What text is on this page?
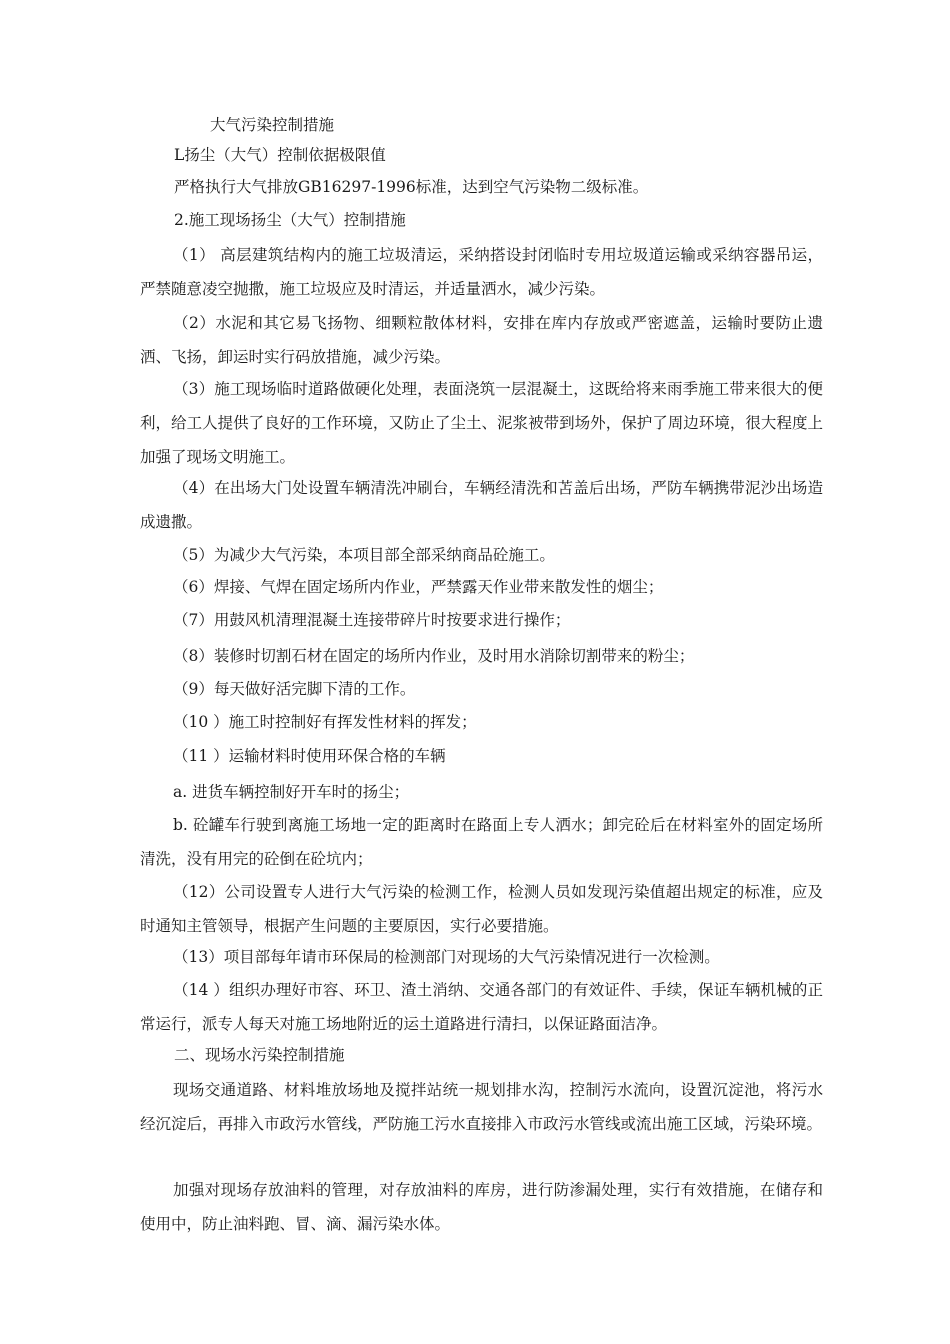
大气污染控制措施
L扬尘（大气）控制依据极限值
严格执行大气排放GB16297-1996标准，达到空气污染物二级标准。
2.施工现场扬尘（大气）控制措施
（1） 高层建筑结构内的施工垃圾清运，采纳搭设封闭临时专用垃圾道运输或采纳容器吊运，严禁随意凌空抛撒，施工垃圾应及时清运，并适量洒水，减少污染。
（2）水泥和其它易飞扬物、细颗粒散体材料，安排在库内存放或严密遮盖，运输时要防止遗洒、飞扬，卸运时实行码放措施，减少污染。
（3）施工现场临时道路做硬化处理，表面浇筑一层混凝土，这既给将来雨季施工带来很大的便利，给工人提供了良好的工作环境，又防止了尘土、泥浆被带到场外，保护了周边环境，很大程度上加强了现场文明施工。
（4）在出场大门处设置车辆清洗冲刷台，车辆经清洗和苫盖后出场，严防车辆携带泥沙出场造成遗撒。
（5）为减少大气污染，本项目部全部采纳商品砼施工。
（6）焊接、气焊在固定场所内作业，严禁露天作业带来散发性的烟尘；
（7）用鼓风机清理混凝土连接带碎片时按要求进行操作；
（8）装修时切割石材在固定的场所内作业，及时用水消除切割带来的粉尘；
（9）每天做好活完脚下清的工作。
（10 ）施工时控制好有挥发性材料的挥发；
（11 ）运输材料时使用环保合格的车辆
a. 进货车辆控制好开车时的扬尘；
b. 砼罐车行驶到离施工场地一定的距离时在路面上专人洒水；卸完砼后在材料室外的固定场所清洗，没有用完的砼倒在砼坑内；
（12）公司设置专人进行大气污染的检测工作，检测人员如发现污染值超出规定的标准，应及时通知主管领导，根据产生问题的主要原因，实行必要措施。
（13）项目部每年请市环保局的检测部门对现场的大气污染情况进行一次检测。
（14 ）组织办理好市容、环卫、渣土消纳、交通各部门的有效证件、手续，保证车辆机械的正常运行，派专人每天对施工场地附近的运土道路进行清扫，以保证路面洁净。
二、现场水污染控制措施
现场交通道路、材料堆放场地及搅拌站统一规划排水沟，控制污水流向，设置沉淀池，将污水经沉淀后，再排入市政污水管线，严防施工污水直接排入市政污水管线或流出施工区域，污染环境。
加强对现场存放油料的管理，对存放油料的库房，进行防渗漏处理，实行有效措施，在储存和使用中，防止油料跑、冒、滴、漏污染水体。
